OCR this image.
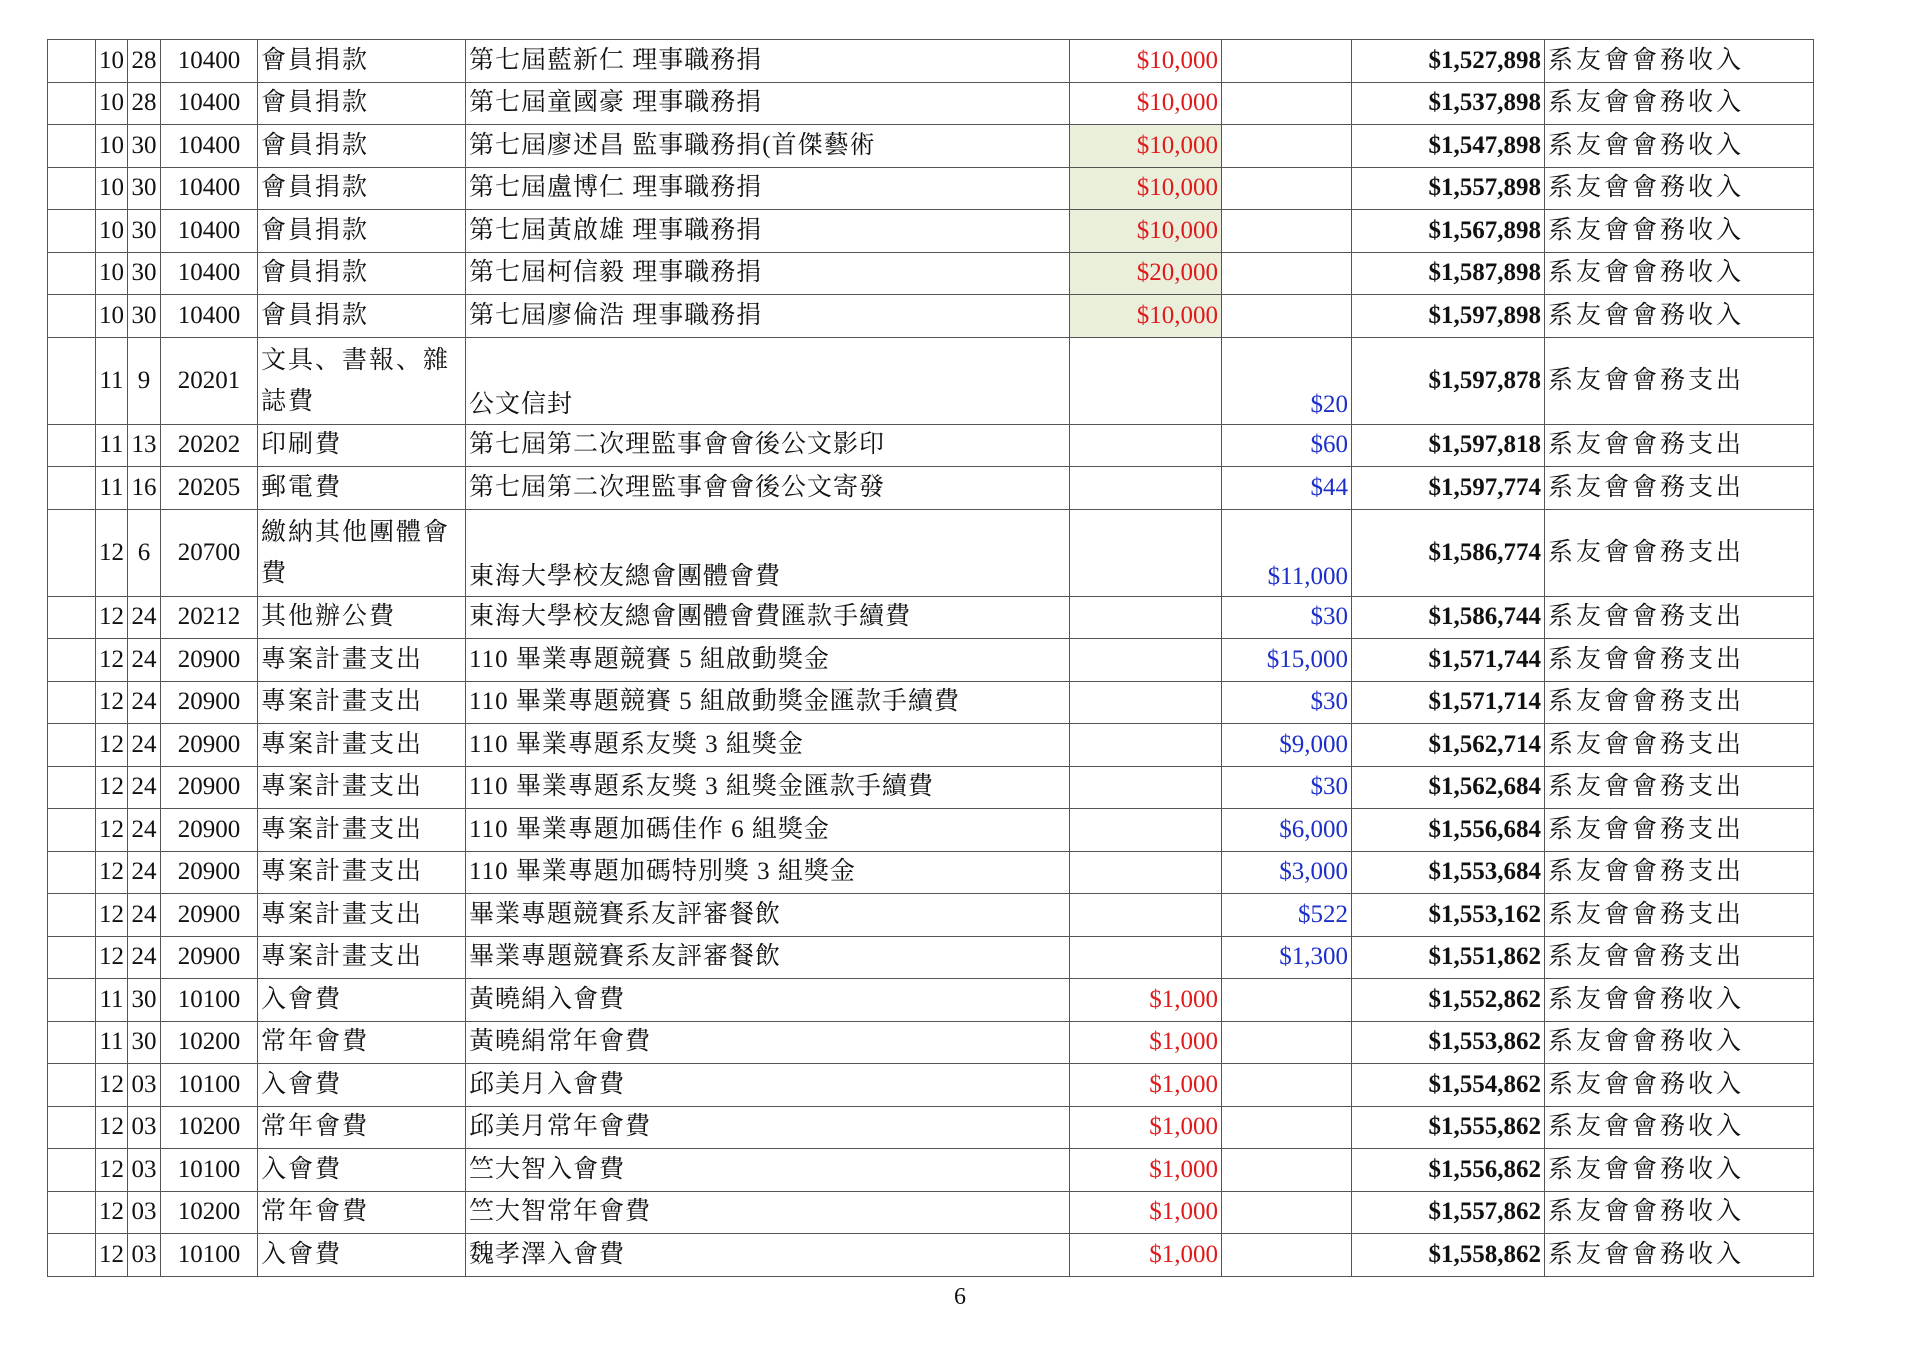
	10	28	10400	會員捐款	第七屆藍新仁 理事職務捐	$10,000		$1,527,898	系友會會務收入
	10	28	10400	會員捐款	第七屆童國豪 理事職務捐	$10,000		$1,537,898	系友會會務收入
	10	30	10400	會員捐款	第七屆廖述昌 監事職務捐(首傑藝術	$10,000		$1,547,898	系友會會務收入
	10	30	10400	會員捐款	第七屆盧博仁 理事職務捐	$10,000		$1,557,898	系友會會務收入
	10	30	10400	會員捐款	第七屆黃啟雄 理事職務捐	$10,000		$1,567,898	系友會會務收入
	10	30	10400	會員捐款	第七屆柯信毅 理事職務捐	$20,000		$1,587,898	系友會會務收入
	10	30	10400	會員捐款	第七屆廖倫浩 理事職務捐	$10,000		$1,597,898	系友會會務收入
	11	9	20201	文具、書報、雜誌費	公文信封		$20	$1,597,878	系友會會務支出
	11	13	20202	印刷費	第七屆第二次理監事會會後公文影印		$60	$1,597,818	系友會會務支出
	11	16	20205	郵電費	第七屆第二次理監事會會後公文寄發		$44	$1,597,774	系友會會務支出
	12	6	20700	繳納其他團體會費	東海大學校友總會團體會費		$11,000	$1,586,774	系友會會務支出
	12	24	20212	其他辦公費	東海大學校友總會團體會費匯款手續費		$30	$1,586,744	系友會會務支出
	12	24	20900	專案計畫支出	110 畢業專題競賽 5 組啟動獎金		$15,000	$1,571,744	系友會會務支出
	12	24	20900	專案計畫支出	110 畢業專題競賽 5 組啟動獎金匯款手續費		$30	$1,571,714	系友會會務支出
	12	24	20900	專案計畫支出	110 畢業專題系友獎 3 組獎金		$9,000	$1,562,714	系友會會務支出
	12	24	20900	專案計畫支出	110 畢業專題系友獎 3 組獎金匯款手續費		$30	$1,562,684	系友會會務支出
	12	24	20900	專案計畫支出	110 畢業專題加碼佳作 6 組獎金		$6,000	$1,556,684	系友會會務支出
	12	24	20900	專案計畫支出	110 畢業專題加碼特別獎 3 組獎金		$3,000	$1,553,684	系友會會務支出
	12	24	20900	專案計畫支出	畢業專題競賽系友評審餐飲		$522	$1,553,162	系友會會務支出
	12	24	20900	專案計畫支出	畢業專題競賽系友評審餐飲		$1,300	$1,551,862	系友會會務支出
	11	30	10100	入會費	黃曉絹入會費	$1,000		$1,552,862	系友會會務收入
	11	30	10200	常年會費	黃曉絹常年會費	$1,000		$1,553,862	系友會會務收入
	12	03	10100	入會費	邱美月入會費	$1,000		$1,554,862	系友會會務收入
	12	03	10200	常年會費	邱美月常年會費	$1,000		$1,555,862	系友會會務收入
	12	03	10100	入會費	竺大智入會費	$1,000		$1,556,862	系友會會務收入
	12	03	10200	常年會費	竺大智常年會費	$1,000		$1,557,862	系友會會務收入
	12	03	10100	入會費	魏孝澤入會費	$1,000		$1,558,862	系友會會務收入
6
